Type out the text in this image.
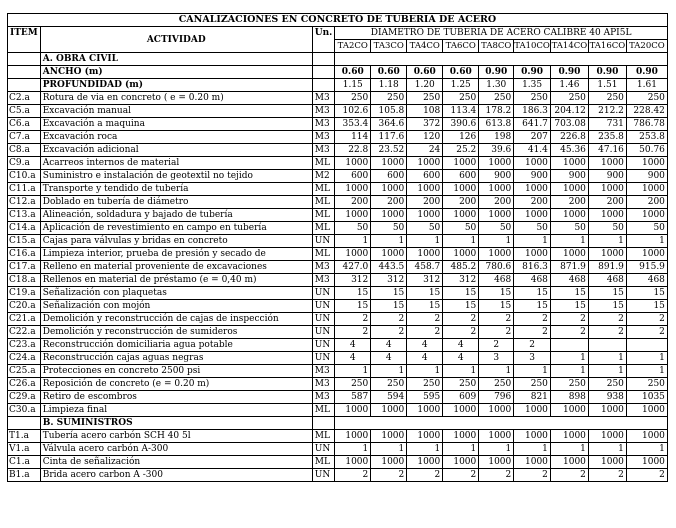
CANALIZACIONES EN CONCRETO DE TUBERIA DE ACERO											
ITEM	ACTIVIDAD	Un.	DIAMETRO DE TUBERIA DE ACERO CALIBRE 40 API5L								
			TA2CO	TA3CO	TA4CO	TA6CO	TA8CO	TA10CO	TA14CO	TA16CO	TA20CO
	A. OBRA CIVIL										
	ANCHO (m)		0.60	0.60	0.60	0.60	0.90	0.90	0.90	0.90	0.90
	PROFUNDIDAD (m)		1.15	1.18	1.20	1.25	1.30	1.35	1.46	1.51	1.61
C2.a	Rotura de via en concreto ( e = 0.20 m)	M3	250	250	250	250	250	250	250	250	250
C5.a	Excavación manual	M3	102.6	105.8	108	113.4	178.2	186.3	204.12	212.2	228.42
C6.a	Excavación a maquina	M3	353.4	364.6	372	390.6	613.8	641.7	703.08	731	786.78
C7.a	Excavación roca	M3	114	117.6	120	126	198	207	226.8	235.8	253.8
C8.a	Excavación adicional	M3	22.8	23.52	24	25.2	39.6	41.4	45.36	47.16	50.76
C9.a	Acarreos internos de material	ML	1000	1000	1000	1000	1000	1000	1000	1000	1000
C10.a	Suministro e instalación de geotextil no tejido	M2	600	600	600	600	900	900	900	900	900
C11.a	Transporte y tendido de tubería	ML	1000	1000	1000	1000	1000	1000	1000	1000	1000
C12.a	Doblado en tubería de diámetro	ML	200	200	200	200	200	200	200	200	200
C13.a	Alineación, soldadura y bajado de tubería	ML	1000	1000	1000	1000	1000	1000	1000	1000	1000
C14.a	Aplicación de revestimiento en campo en tubería	ML	50	50	50	50	50	50	50	50	50
C15.a	Cajas para válvulas y bridas en concreto	UN	1	1	1	1	1	1	1	1	1
C16.a	Limpieza interior, prueba de presión y secado de	ML	1000	1000	1000	1000	1000	1000	1000	1000	1000
C17.a	Relleno en material proveniente de excavaciones	M3	427.0	443.5	458.7	485.2	780.6	816.3	871.9	891.9	915.9
C18.a	Rellenos en material de préstamo (e = 0,40 m)	M3	312	312	312	312	468	468	468	468	468
C19.a	Señalización con plaquetas	UN	15	15	15	15	15	15	15	15	15
C20.a	Señalización con mojón	UN	15	15	15	15	15	15	15	15	15
C21.a	Demolición y reconstrucción de cajas de inspección	UN	2	2	2	2	2	2	2	2	2
C22.a	Demolición y reconstrucción de sumideros	UN	2	2	2	2	2	2	2	2	2
C23.a	Reconstrucción domiciliaria agua potable	UN	4	4	4	4	2	2			
C24.a	Reconstrucción cajas aguas negras	UN	4	4	4	4	3	3	1	1	1
C25.a	Protecciones en concreto 2500 psi	M3	1	1	1	1	1	1	1	1	1
C26.a	Reposición de concreto (e = 0.20 m)	M3	250	250	250	250	250	250	250	250	250
C29.a	Retiro de escombros	M3	587	594	595	609	796	821	898	938	1035
C30.a	Limpieza final	ML	1000	1000	1000	1000	1000	1000	1000	1000	1000
	B. SUMINISTROS										
T1.a	Tubería acero carbón SCH 40 5l	ML	1000	1000	1000	1000	1000	1000	1000	1000	1000
V1.a	Válvula acero carbón A-300	UN	1	1	1	1	1	1	1	1	1
C1.a	Cinta de señalización	ML	1000	1000	1000	1000	1000	1000	1000	1000	1000
B1.a	Brida acero carbon A -300	UN	2	2	2	2	2	2	2	2	2
